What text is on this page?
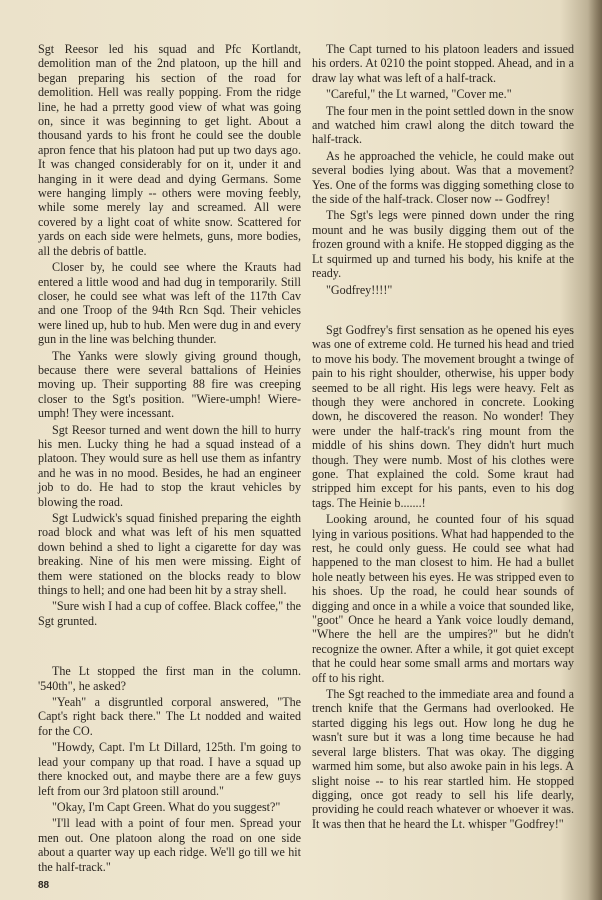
Sgt Reesor led his squad and Pfc Kortlandt, demolition man of the 2nd platoon, up the hill and began preparing his section of the road for demolition. Hell was really popping. From the ridge line, he had a prretty good view of what was going on, since it was beginning to get light. About a thousand yards to his front he could see the double apron fence that his platoon had put up two days ago. It was changed considerably for on it, under it and hanging in it were dead and dying Germans. Some were hanging limply -- others were moving feebly, while some merely lay and screamed. All were covered by a light coat of white snow. Scattered for yards on each side were helmets, guns, more bodies, all the debris of battle.

Closer by, he could see where the Krauts had entered a little wood and had dug in temporarily. Still closer, he could see what was left of the 117th Cav and one Troop of the 94th Rcn Sqd. Their vehicles were lined up, hub to hub. Men were dug in and every gun in the line was belching thunder.

The Yanks were slowly giving ground though, because there were several battalions of Heinies moving up. Their supporting 88 fire was creeping closer to the Sgt's position. "Wiere-umph! Wiere-umph! They were incessant.

Sgt Reesor turned and went down the hill to hurry his men. Lucky thing he had a squad instead of a platoon. They would sure as hell use them as infantry and he was in no mood. Besides, he had an engineer job to do. He had to stop the kraut vehicles by blowing the road.

Sgt Ludwick's squad finished preparing the eighth road block and what was left of his men squatted down behind a shed to light a cigarette for day was breaking. Nine of his men were missing. Eight of them were stationed on the blocks ready to blow things to hell; and one had been hit by a stray shell.

"Sure wish I had a cup of coffee. Black coffee," the Sgt grunted.

The Lt stopped the first man in the column. '540th", he asked?

"Yeah" a disgruntled corporal answered, "The Capt's right back there." The Lt nodded and waited for the CO.

"Howdy, Capt. I'm Lt Dillard, 125th. I'm going to lead your company up that road. I have a squad up there knocked out, and maybe there are a few guys left from our 3rd platoon still around."

"Okay, I'm Capt Green. What do you suggest?"

"I'll lead with a point of four men. Spread your men out. One platoon along the road on one side about a quarter way up each ridge. We'll go till we hit the half-track."

The Capt turned to his platoon leaders and issued his orders. At 0210 the point stopped. Ahead, and in a draw lay what was left of a half-track.

"Careful," the Lt warned, "Cover me."

The four men in the point settled down in the snow and watched him crawl along the ditch toward the half-track.

As he approached the vehicle, he could make out several bodies lying about. Was that a movement? Yes. One of the forms was digging something close to the side of the half-track. Closer now -- Godfrey!

The Sgt's legs were pinned down under the ring mount and he was busily digging them out of the frozen ground with a knife. He stopped digging as the Lt squirmed up and turned his body, his knife at the ready.

"Godfrey!!!!"

Sgt Godfrey's first sensation as he opened his eyes was one of extreme cold. He turned his head and tried to move his body. The movement brought a twinge of pain to his right shoulder, otherwise, his upper body seemed to be all right. His legs were heavy. Felt as though they were anchored in concrete. Looking down, he discovered the reason. No wonder! They were under the half-track's ring mount from the middle of his shins down. They didn't hurt much though. They were numb. Most of his clothes were gone. That explained the cold. Some kraut had stripped him except for his pants, even to his dog tags. The Heinie b.......!

Looking around, he counted four of his squad lying in various positions. What had happended to the rest, he could only guess. He could see what had happened to the man closest to him. He had a bullet hole neatly between his eyes. He was stripped even to his shoes. Up the road, he could hear sounds of digging and once in a while a voice that sounded like, "goot" Once he heard a Yank voice loudly demand, "Where the hell are the umpires?" but he didn't recognize the owner. After a while, it got quiet except that he could hear some small arms and mortars way off to his right.

The Sgt reached to the immediate area and found a trench knife that the Germans had overlooked. He started digging his legs out. How long he dug he wasn't sure but it was a long time because he had several large blisters. That was okay. The digging warmed him some, but also awoke pain in his legs. A slight noise -- to his rear startled him. He stopped digging, once got ready to sell his life dearly, providing he could reach whatever or whoever it was. It was then that he heard the Lt. whisper "Godfrey!"

88
